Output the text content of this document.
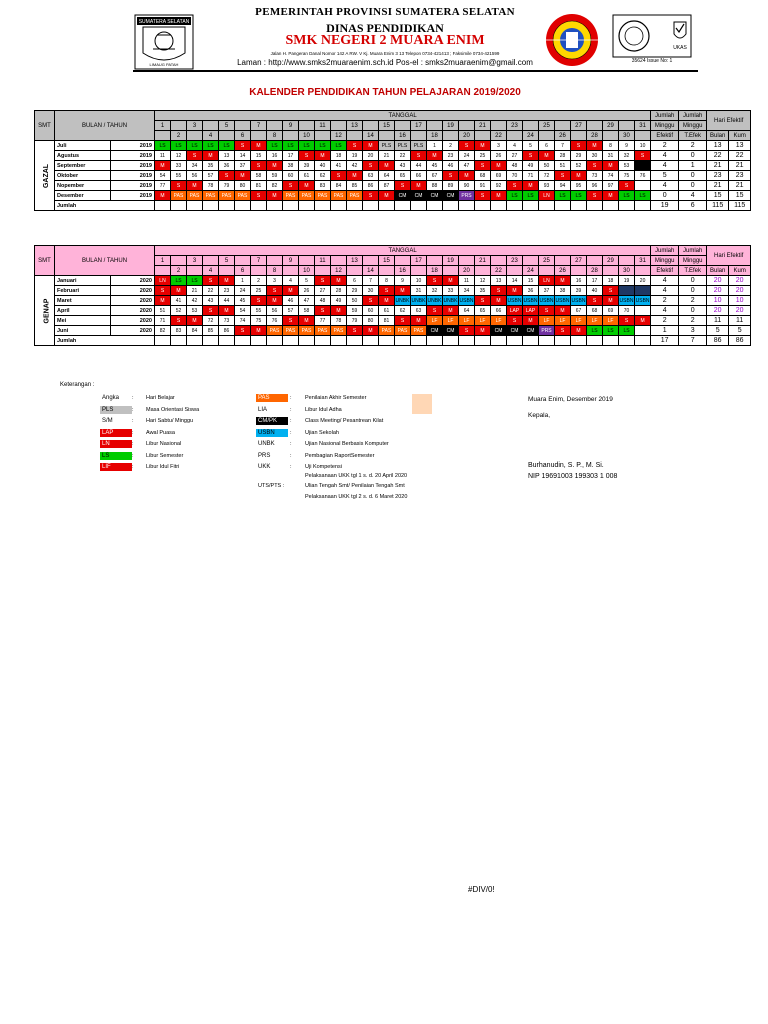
SUMATERA SELATAN
LIMAUG PATAH
UKAS
PEMERINTAH PROVINSI SUMATERA SELATAN
DINAS PENDIDIKAN
SMK NEGERI 2 MUARA ENIM
Jalan H. Pangeran Danal Nomor 142 A RW. V Kj. Muara Enim 3 13 Telepon 0734-421413 ; Faksimile 0734-421599
Laman : http://www.smks2muaraenim.sch.id Pos-el : smks2muaraenim@gmail.com	35624 Issue No: 1
KALENDER PENDIDIKAN TAHUN PELAJARAN 2019/2020
SMT	BULAN / TAHUN		TANGGAL																															Jumlah	Jumlah	Hari Efektif	
			1		3		5		7		9		11		13		15		17		19		21		23		25		27		29		31	Minggu	Minggu		
				2		4		6		8		10		12		14		16		18		20		22		24		26		28		30		Efektif	T.Efek	Bulan	Kum
GAZAL	Juli	2019	LS	LS	LS	LS	LS	S	M	LS	LS	LS	LS	LS	S	M	PLS	PLS	PLS	1	2	S	M	3	4	5	6	7	S	M	8	9	10	2	2	13	13
	Agustus	2019	11	12	S	M	13	14	15	16	17	S	M	18	19	20	21	22	S	M	23	24	25	26	27	S	M	28	29	30	31	32	S	4	0	22	22
	September	2019	M	33	34	35	36	37	S	M	38	39	40	41	42	S	M	43	44	45	46	47	S	M	48	49	50	51	52	S	M	53		4	1	21	21
	Oktober	2019	54	55	56	57	S	M	58	59	60	61	62	S	M	63	64	65	66	67	S	M	68	69	70	71	72	S	M	73	74	75	76	5	0	23	23
	Nopember	2019	77	S	M	78	79	80	81	82	S	M	83	84	85	86	87	S	M	88	89	90	91	92	S	M	93	94	95	96	97	S		4	0	21	21
	Desember	2019	M	PAS	PAS	PAS	PAS	PAS	S	M	PAS	PAS	PAS	PAS	PAS	S	M	CM	CM	CM	CM	PRS	S	M	LS	LS	LN	LS	LS	S	M	LS	LS	0	4	15	15
	Jumlah																																	19	6	115	115
SMT	BULAN / TAHUN		TANGGAL																															Jumlah	Jumlah	Hari Efektif	
			1		3		5		7		9		11		13		15		17		19		21		23		25		27		29		31	Minggu	Minggu		
				2		4		6		8		10		12		14		16		18		20		22		24		26		28		30		Efektif	T.Efek	Bulan	Kum
GENAP	Januari	2020	LN	LS	LS	S	M	1	2	3	4	5	S	M	6	7	8	9	10	S	M	11	12	13	14	15	LN	M	16	17	18	19	20	4	0	20	20
	Februari	2020	S	M	21	22	23	24	25	S	M	26	27	28	29	30	S	M	31	32	33	34	35	S	M	36	37	38	39	40	S			4	0	20	20
	Maret	2020	M	41	42	43	44	45	S	M	46	47	48	49	50	S	M	UNBK	UNBK	UNBK	UNBK	USBN	S	M	USBN	USBN	USBN	USBN	USBN	S	M	USBN	USBN	2	2	10	10
	April	2020	51	52	53	S	M	54	55	56	57	58	S	M	59	60	61	62	63	S	M	64	65	66	LAP	LAP	S	M	67	68	69	70		4	0	20	20
	Mei	2020	71	S	M	72	73	74	75	76	S	M	77	78	79	80	81	S	M	LF	LF	LF	LF	LF	S	M	LF	LF	LF	LF	LF	S	M	2	2	11	11
	Juni	2020	82	83	84	85	86	S	M	PAS	PAS	PAS	PAS	PAS	S	M	PAS	PAS	PAS	CM	CM	S	M	CM	CM	CM	PRS	S	M	LS	LS	LS		1	3	5	5
	Jumlah																																	17	7	86	86
Keterangan :
Angka	: Hari Belajar
PLS	: Masa Orientasi Siswa
S/M	: Hari Sabtu/ Minggu
LAP	: Awal Puasa
LN	: Libur Nasional
LS	: Libur Semester
LIF	: Libur Idul Fitri
PAS	: Penilaian Akhir Semester
LIA	: Libur Idul Adha
CM/PK	: Class Meeting/ Pesantrean Kilat
USBN	: Ujian Sekolah
UNBK	: Ujian Nasional Berbasis Komputer
PRS	: Pembagian RaportSemester
UKK	: Uji Kompetensi
Pelaksanaan UKK tgl 1 s. d. 20 April 2020
UTS/PTS :	Ulian Tengah Smt/ Penilaian Tengah Smt
Pelaksanaan UKK tgl 2 s. d. 6 Maret 2020
Muara Enim, Desember 2019
Kepala,
Burhanudin, S. P., M. Si.
NIP 19691003 199303 1 008
#DIV/0!
